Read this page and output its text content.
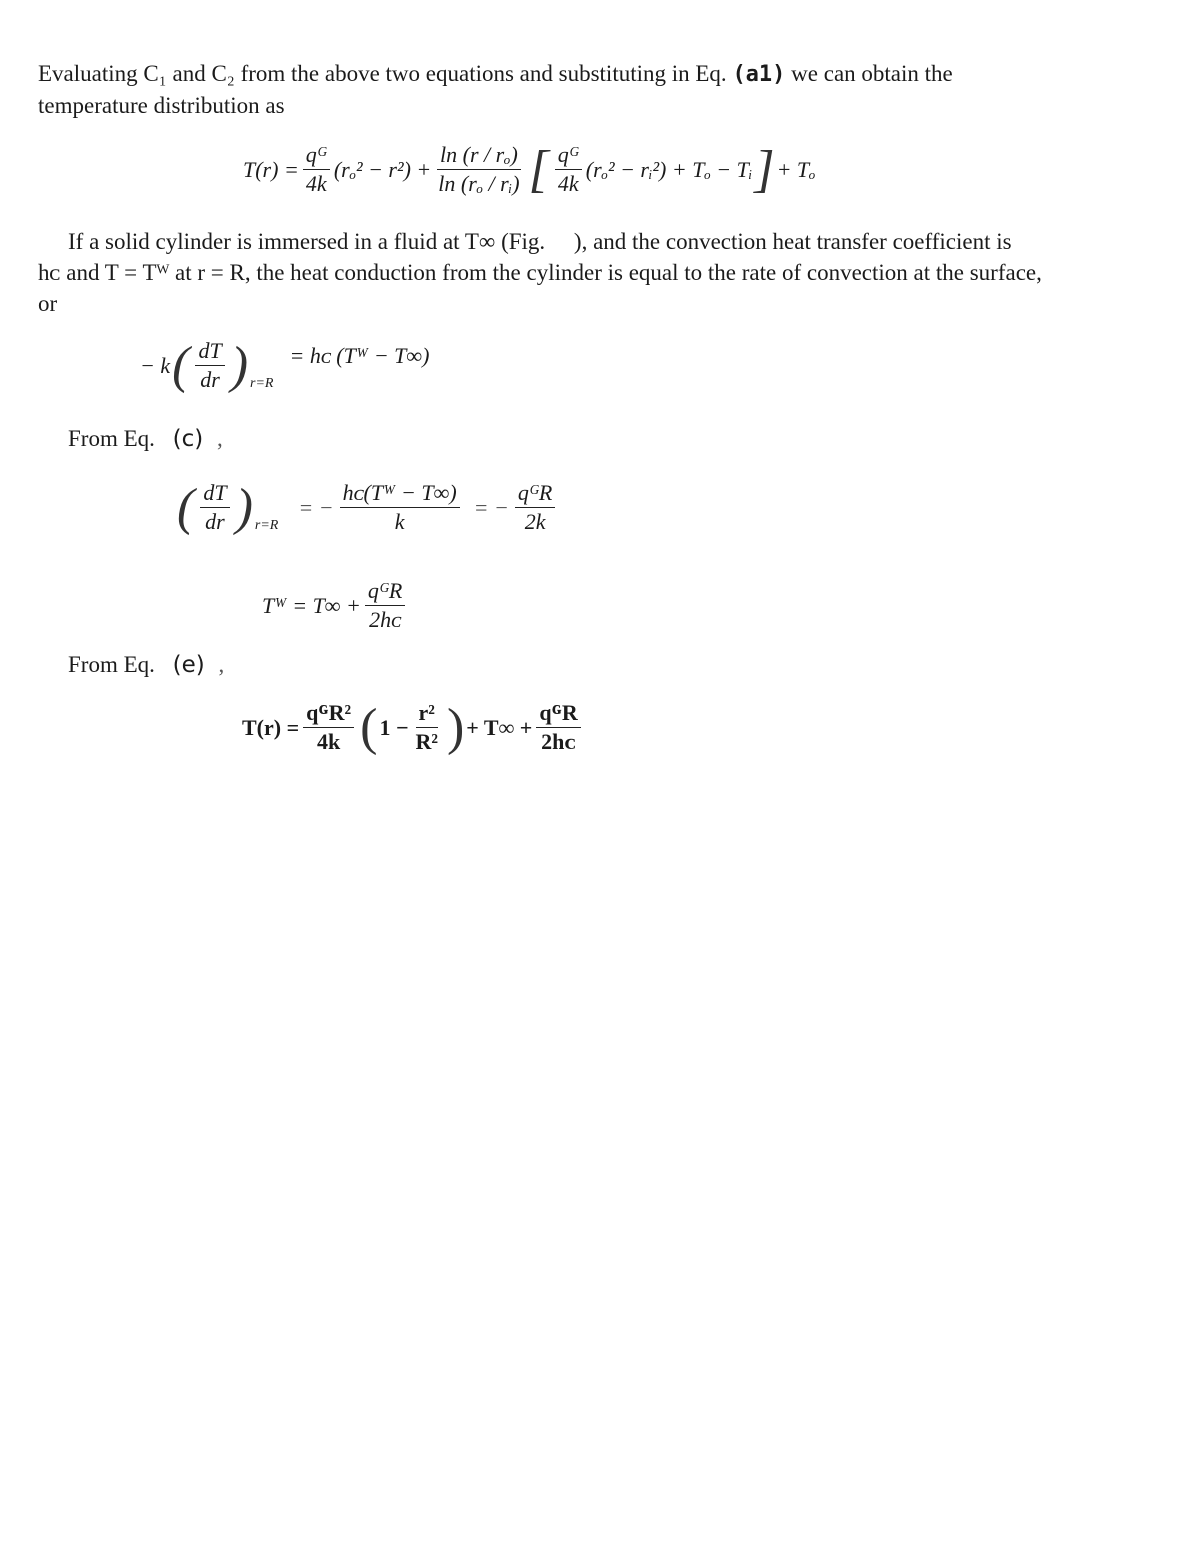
Evaluating C₁ and C₂ from the above two equations and substituting in Eq. (a1) we can obtain the
temperature distribution as
$T(r) = \frac{\text{qᴳ}}{4k} (r_o^2 - r^2) + \frac{\text{ln (r / rₒ)}}{\text{ln (rₒ / rᵢ)}}$ [ $\frac{\text{qᴳ}}{4k} (r_o^2$ − rᵢ²) + Tₒ − Tᵢ ] + Tₒ
If a solid cylinder is immersed in a fluid at T∞ (Fig. ), and the convection heat transfer coefficient is
hᴄ and T = Tᵂ at r = R, the heat conduction from the cylinder is equal to the rate of convection at the surface,
or
− k ( $\frac{dT}{dr}$ ) r=R
= hᴄ (Tᵂ − T∞)
From Eq. (c) ,
( $\frac{dT}{dr}$ ) r=R
= − $\frac{\text{hᴄ(Tᵂ − T∞)}}{k}$ = − $\frac{\text{qᴳR}}{2k}$
Tᵂ = $T\infty + \frac{\text{qᴳR}}{\text{2hᴄ}}$
From Eq. (e) ,
$T(r) = \frac{\text{qᴳR²}}{4k}$ ( $1 - \frac{\text{r²}}{\text{R²}}$ ) + $T\infty + \frac{\text{qᴳR}}{\text{2hᴄ}}$
